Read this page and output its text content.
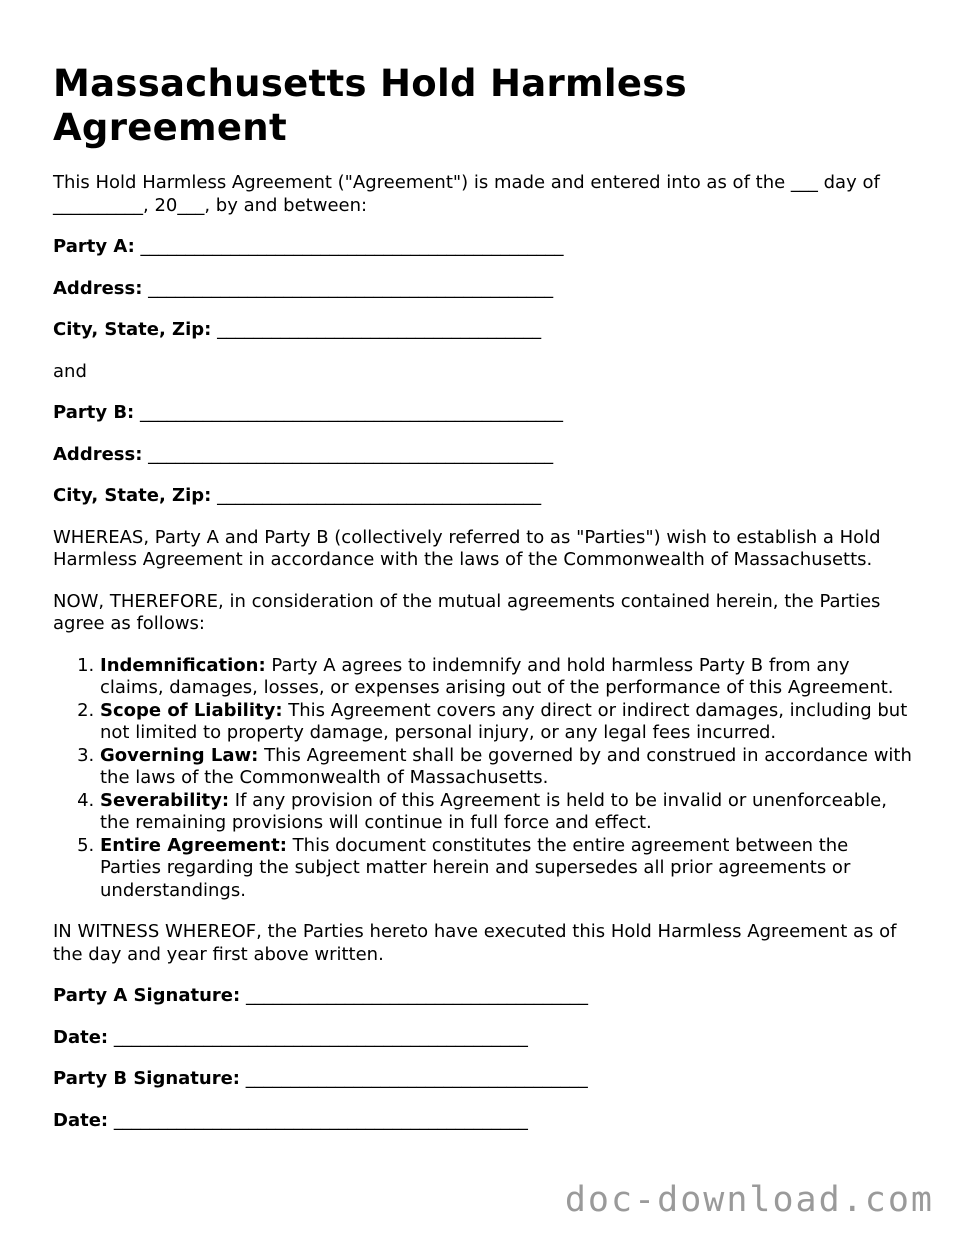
Massachusetts Hold Harmless Agreement

This Hold Harmless Agreement ("Agreement") is made and entered into as of the ___ day of __________, 20___, by and between:

Party A: _______________________________________________
Address: _____________________________________________
City, State, Zip: ____________________________________

and

Party B: _______________________________________________
Address: _____________________________________________
City, State, Zip: ____________________________________

WHEREAS, Party A and Party B (collectively referred to as "Parties") wish to establish a Hold Harmless Agreement in accordance with the laws of the Commonwealth of Massachusetts.

NOW, THEREFORE, in consideration of the mutual agreements contained herein, the Parties agree as follows:

1. Indemnification: Party A agrees to indemnify and hold harmless Party B from any claims, damages, losses, or expenses arising out of the performance of this Agreement.
2. Scope of Liability: This Agreement covers any direct or indirect damages, including but not limited to property damage, personal injury, or any legal fees incurred.
3. Governing Law: This Agreement shall be governed by and construed in accordance with the laws of the Commonwealth of Massachusetts.
4. Severability: If any provision of this Agreement is held to be invalid or unenforceable, the remaining provisions will continue in full force and effect.
5. Entire Agreement: This document constitutes the entire agreement between the Parties regarding the subject matter herein and supersedes all prior agreements or understandings.

IN WITNESS WHEREOF, the Parties hereto have executed this Hold Harmless Agreement as of the day and year first above written.

Party A Signature: ______________________________________
Date: ______________________________________________
Party B Signature: ______________________________________
Date: ______________________________________________
doc-download.com
